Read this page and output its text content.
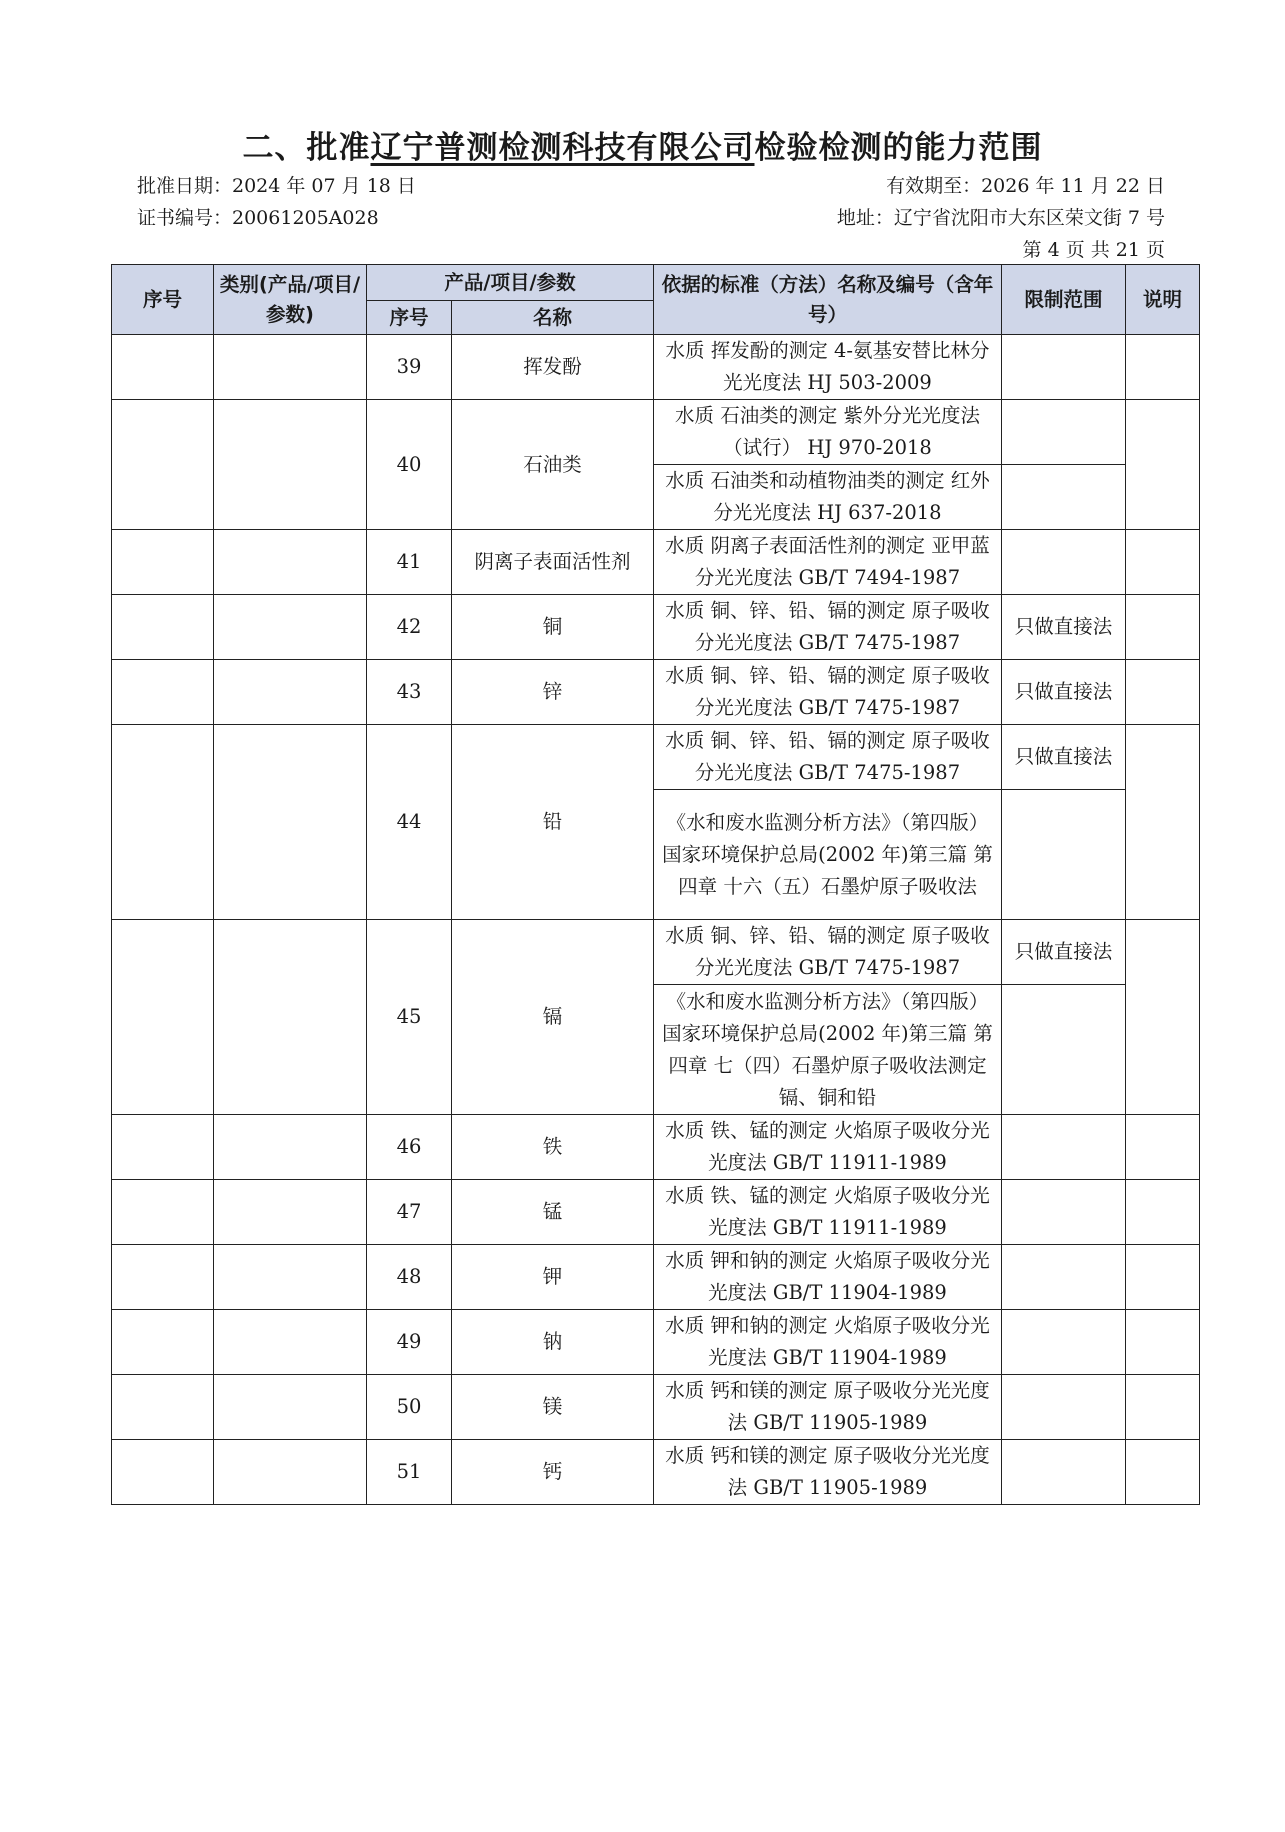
二、批准辽宁普测检测科技有限公司检验检测的能力范围
批准日期：2024 年 07 月 18 日	有效期至：2026 年 11 月 22 日
证书编号：20061205A028	地址：辽宁省沈阳市大东区荣文街 7 号
第 4 页 共 21 页
序号	类别(产品/项目/参数)	产品/项目/参数		依据的标准（方法）名称及编号（含年号）	限制范围	说明
		序号	名称			
		39	挥发酚	水质 挥发酚的测定 4-氨基安替比林分光光度法 HJ 503-2009		
		40	石油类	水质 石油类的测定 紫外分光光度法（试行） HJ 970-2018		
				水质 石油类和动植物油类的测定 红外分光光度法 HJ 637-2018		
		41	阴离子表面活性剂	水质 阴离子表面活性剂的测定 亚甲蓝分光光度法 GB/T 7494-1987		
		42	铜	水质 铜、锌、铅、镉的测定 原子吸收分光光度法 GB/T 7475-1987	只做直接法	
		43	锌	水质 铜、锌、铅、镉的测定 原子吸收分光光度法 GB/T 7475-1987	只做直接法	
		44	铅	水质 铜、锌、铅、镉的测定 原子吸收分光光度法 GB/T 7475-1987	只做直接法	
				《水和废水监测分析方法》（第四版）国家环境保护总局(2002 年)第三篇 第四章 十六（五）石墨炉原子吸收法		
		45	镉	水质 铜、锌、铅、镉的测定 原子吸收分光光度法 GB/T 7475-1987	只做直接法	
				《水和废水监测分析方法》（第四版）国家环境保护总局(2002 年)第三篇 第四章 七（四）石墨炉原子吸收法测定镉、铜和铅		
		46	铁	水质 铁、锰的测定 火焰原子吸收分光光度法 GB/T 11911-1989		
		47	锰	水质 铁、锰的测定 火焰原子吸收分光光度法 GB/T 11911-1989		
		48	钾	水质 钾和钠的测定 火焰原子吸收分光光度法 GB/T 11904-1989		
		49	钠	水质 钾和钠的测定 火焰原子吸收分光光度法 GB/T 11904-1989		
		50	镁	水质 钙和镁的测定 原子吸收分光光度法 GB/T 11905-1989		
		51	钙	水质 钙和镁的测定 原子吸收分光光度法 GB/T 11905-1989		
